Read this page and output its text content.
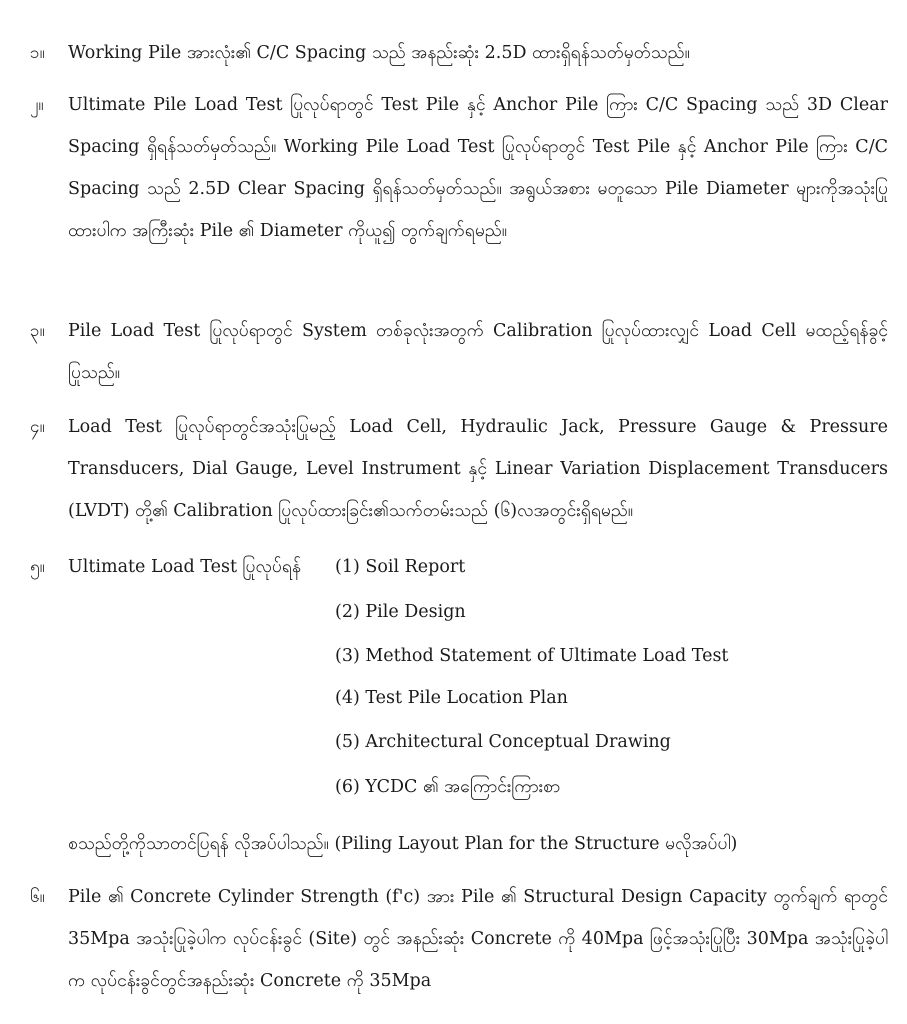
၁။ Working Pile အားလုံး၏ C/C Spacing သည် အနည်းဆုံး 2.5D ထားရှိရန်သတ်မှတ်သည်။
၂။ Ultimate Pile Load Test ပြုလုပ်ရာတွင် Test Pile နှင့် Anchor Pile ကြား C/C Spacing သည် 3D Clear Spacing ရှိရန်သတ်မှတ်သည်။ Working Pile Load Test ပြုလုပ်ရာတွင် Test Pile နှင့် Anchor Pile ကြား C/C Spacing သည် 2.5D Clear Spacing ရှိရန်သတ်မှတ်သည်။ အရွယ်အစား မတူသော Pile Diameter များကိုအသုံးပြုထားပါက အကြီးဆုံး Pile ၏ Diameter ကိုယူ၍ တွက်ချက်ရမည်။
၃။ Pile Load Test ပြုလုပ်ရာတွင် System တစ်ခုလုံးအတွက် Calibration ပြုလုပ်ထားလျှင် Load Cell မထည့်ရန်ခွင့်ပြုသည်။
၄။ Load Test ပြုလုပ်ရာတွင်အသုံးပြုမည့် Load Cell, Hydraulic Jack, Pressure Gauge & Pressure Transducers, Dial Gauge, Level Instrument နှင့် Linear Variation Displacement Transducers (LVDT) တို့၏ Calibration ပြုလုပ်ထားခြင်း၏သက်တမ်းသည် (၆)လအတွင်းရှိရမည်။
၅။ Ultimate Load Test ပြုလုပ်ရန် (1) Soil Report
(2) Pile Design
(3) Method Statement of Ultimate Load Test
(4) Test Pile Location Plan
(5) Architectural Conceptual Drawing
(6) YCDC ၏ အကြောင်းကြားစာ
စသည်တို့ကိုသာတင်ပြရန် လိုအပ်ပါသည်။ (Piling Layout Plan for the Structure မလိုအပ်ပါ)
၆။ Pile ၏ Concrete Cylinder Strength (f'c) အား Pile ၏ Structural Design Capacity တွက်ချက် ရာတွင် 35Mpa အသုံးပြုခဲ့ပါက လုပ်ငန်းခွင် (Site) တွင် အနည်းဆုံး Concrete ကို 40Mpa ဖြင့်အသုံးပြုပြီး 30Mpa အသုံးပြုခဲ့ပါက လုပ်ငန်းခွင်တွင်အနည်းဆုံး Concrete ကို 35Mpa
